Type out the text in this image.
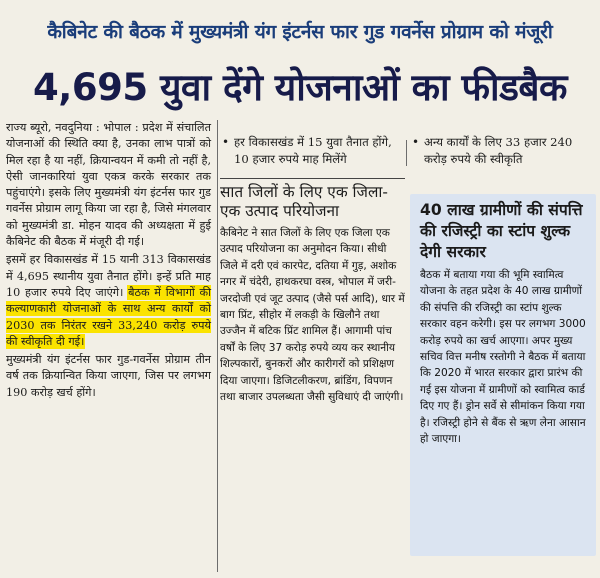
कैबिनेट की बैठक में मुख्यमंत्री यंग इंटर्नस फार गुड गवर्नेस प्रोग्राम को मंजूरी
4,695 युवा देंगे योजनाओं का फीडबैक

राज्य ब्यूरो, नवदुनिया : भोपाल : प्रदेश में संचालित योजनाओं की स्थिति क्या है, उनका लाभ पात्रों को मिल रहा है या नहीं, क्रियान्वयन में कमी तो नहीं है, ऐसी जानकारियां युवा एकत्र करके सरकार तक पहुंचाएंगे। इसके लिए मुख्यमंत्री यंग इंटर्नस फार गुड गवर्नेस प्रोग्राम लागू किया जा रहा है, जिसे मंगलवार को मुख्यमंत्री डा. मोहन यादव की अध्यक्षता में हुई कैबिनेट की बैठक में मंजूरी दी गई।

इसमें हर विकासखंड में 15 यानी 313 विकासखंड में 4,695 स्थानीय युवा तैनात होंगे। इन्हें प्रति माह 10 हजार रुपये दिए जाएंगे। बैठक में विभागों की कल्याणकारी योजनाओं के साथ अन्य कार्यों को 2030 तक निरंतर रखने 33,240 करोड़ रुपये की स्वीकृति दी गई।

मुख्यमंत्री यंग इंटर्नस फार गुड-गवर्नेस प्रोग्राम तीन वर्ष तक क्रियान्वित किया जाएगा, जिस पर लगभग 190 करोड़ खर्च होंगे।

• हर विकासखंड में 15 युवा तैनात होंगे, 10 हजार रुपये माह मिलेंगे
सात जिलों के लिए एक जिला-एक उत्पाद परियोजना
कैबिनेट ने सात जिलों के लिए एक जिला एक उत्पाद परियोजना का अनुमोदन किया। सीधी जिले में दरी एवं कारपेट, दतिया में गुड़, अशोक नगर में चंदेरी, हाथकरघा वस्त्र, भोपाल में जरी-जरदोजी एवं जूट उत्पाद (जैसे पर्स आदि), धार में बाग प्रिंट, सीहोर में लकड़ी के खिलौने तथा उज्जैन में बटिक प्रिंट शामिल हैं। आगामी पांच वर्षों के लिए 37 करोड़ रुपये व्यय कर स्थानीय शिल्पकारों, बुनकरों और कारीगरों को प्रशिक्षण दिया जाएगा। डिजिटलीकरण, ब्रांडिंग, विपणन तथा बाजार उपलब्धता जैसी सुविधाएं दी जाएंगी।
• अन्य कार्यों के लिए 33 हजार 240 करोड़ रुपये की स्वीकृति
40 लाख ग्रामीणों की संपत्ति की रजिस्ट्री का स्टांप शुल्क देगी सरकार
बैठक में बताया गया की भूमि स्वामित्व योजना के तहत प्रदेश के 40 लाख ग्रामीणों की संपत्ति की रजिस्ट्री का स्टांप शुल्क सरकार वहन करेगी। इस पर लगभग 3000 करोड़ रुपये का खर्च आएगा। अपर मुख्य सचिव वित्त मनीष रस्तोगी ने बैठक में बताया कि 2020 में भारत सरकार द्वारा प्रारंभ की गई इस योजना में ग्रामीणों को स्वामित्व कार्ड दिए गए हैं। ड्रोन सर्वे से सीमांकन किया गया है। रजिस्ट्री होने से बैंक से ऋण लेना आसान हो जाएगा।
